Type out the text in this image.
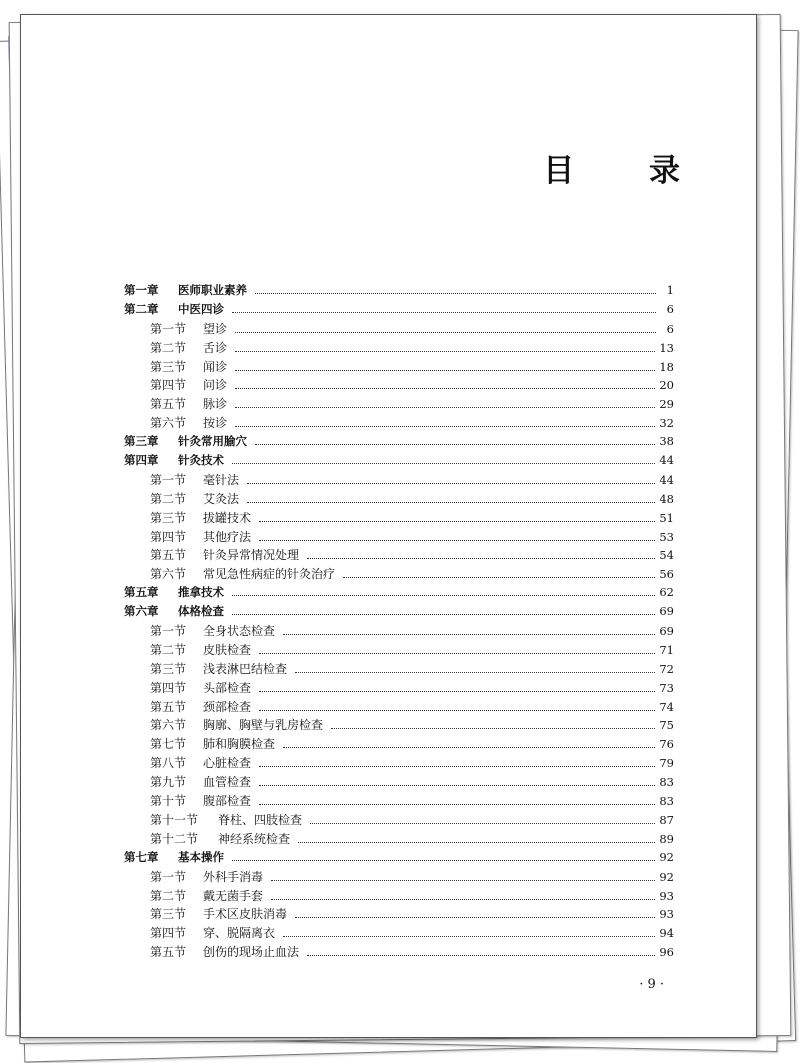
目 录
第一章	医师职业素养	1
第二章	中医四诊	6
第一节	望诊	6
第二节	舌诊	13
第三节	闻诊	18
第四节	问诊	20
第五节	脉诊	29
第六节	按诊	32
第三章	针灸常用腧穴	38
第四章	针灸技术	44
第一节	毫针法	44
第二节	艾灸法	48
第三节	拔罐技术	51
第四节	其他疗法	53
第五节	针灸异常情况处理	54
第六节	常见急性病症的针灸治疗	56
第五章	推拿技术	62
第六章	体格检查	69
第一节	全身状态检查	69
第二节	皮肤检查	71
第三节	浅表淋巴结检查	72
第四节	头部检查	73
第五节	颈部检查	74
第六节	胸廓、胸壁与乳房检查	75
第七节	肺和胸膜检查	76
第八节	心脏检查	79
第九节	血管检查	83
第十节	腹部检查	83
第十一节	脊柱、四肢检查	87
第十二节	神经系统检查	89
第七章	基本操作	92
第一节	外科手消毒	92
第二节	戴无菌手套	93
第三节	手术区皮肤消毒	93
第四节	穿、脱隔离衣	94
第五节	创伤的现场止血法	96
· 9 ·
